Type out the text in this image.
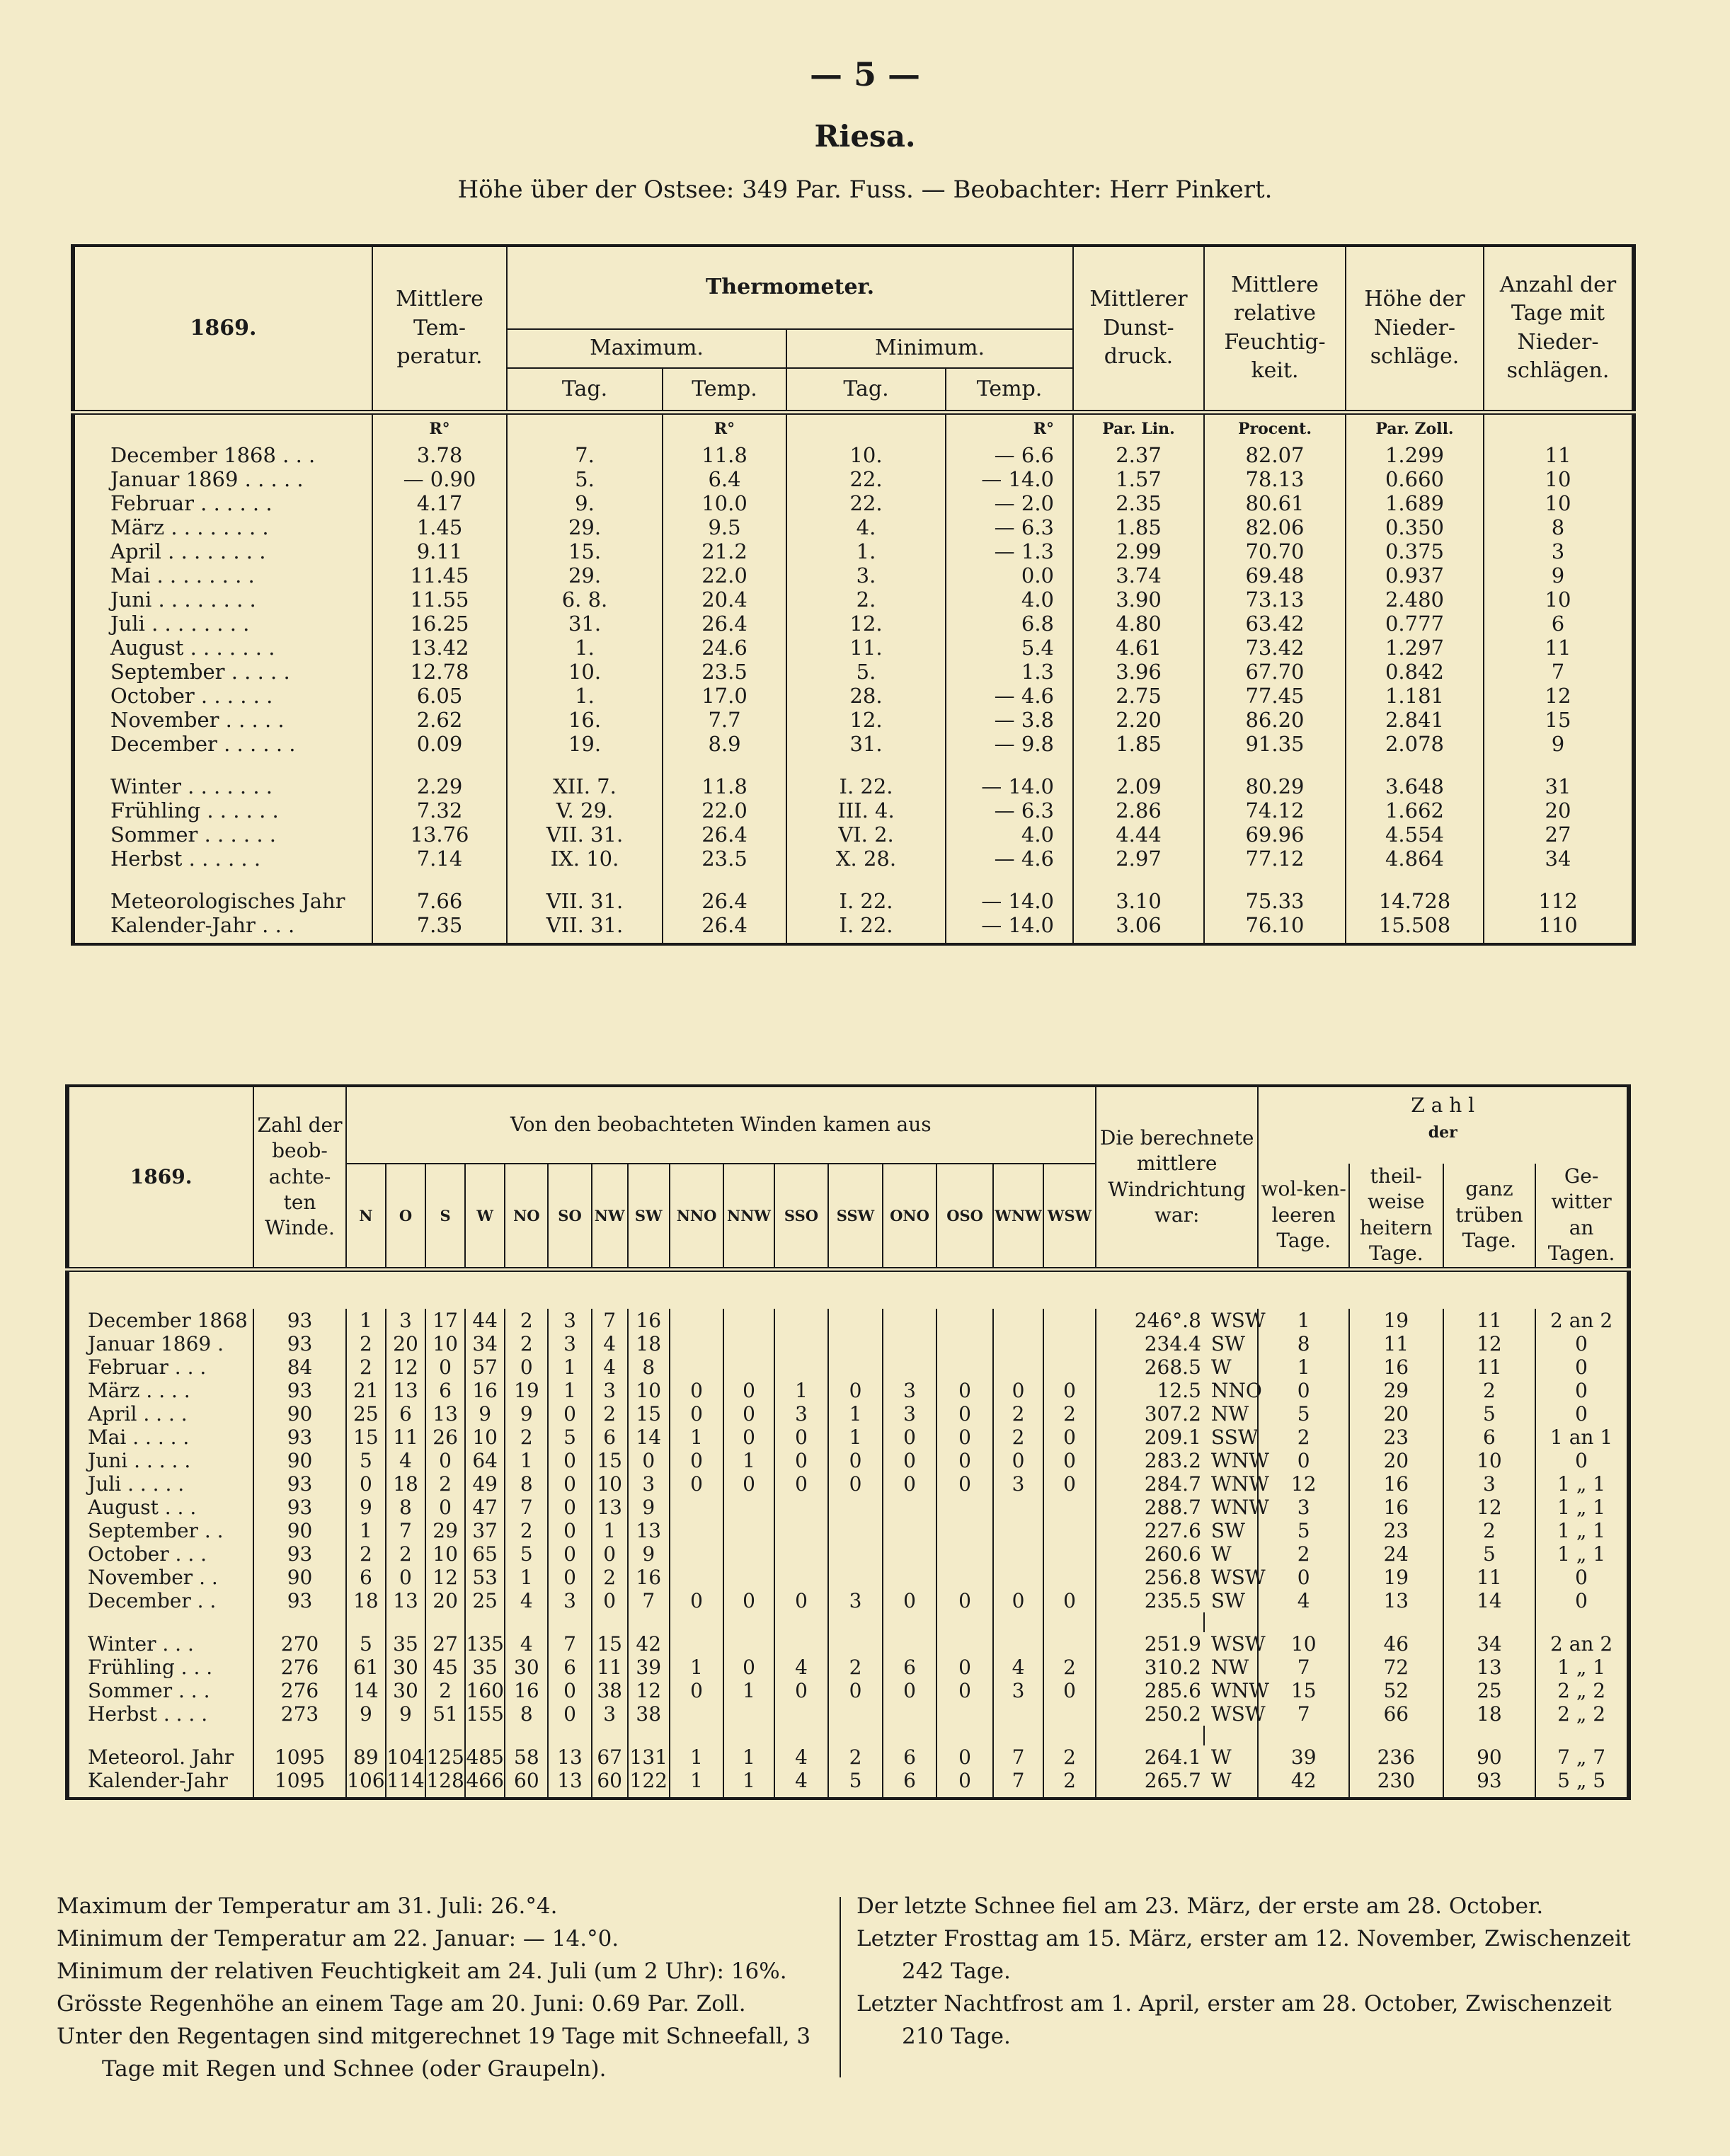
— 5 —
Riesa.
Höhe über der Ostsee: 349 Par. Fuss. — Beobachter: Herr Pinkert.
1869.	Mittlere Tem-peratur.	Thermometer.				Mittlerer Dunst-druck.	Mittlere relative Feuchtig-keit.	Höhe der Nieder-schläge.	Anzahl der Tage mit Nieder-schlägen.
		Maximum.		Minimum.					
		Tag.	Temp.	Tag.	Temp.				
	R°		R°		R°	Par. Lin.	Procent.	Par. Zoll.	
December 1868 . . .	3.78	7.	11.8	10.	— 6.6	2.37	82.07	1.299	11
Januar 1869 . . . . .	— 0.90	5.	6.4	22.	— 14.0	1.57	78.13	0.660	10
Februar . . . . . .	4.17	9.	10.0	22.	— 2.0	2.35	80.61	1.689	10
März . . . . . . . .	1.45	29.	9.5	4.	— 6.3	1.85	82.06	0.350	8
April . . . . . . . .	9.11	15.	21.2	1.	— 1.3	2.99	70.70	0.375	3
Mai . . . . . . . .	11.45	29.	22.0	3.	0.0	3.74	69.48	0.937	9
Juni . . . . . . . .	11.55	6. 8.	20.4	2.	4.0	3.90	73.13	2.480	10
Juli . . . . . . . .	16.25	31.	26.4	12.	6.8	4.80	63.42	0.777	6
August . . . . . . .	13.42	1.	24.6	11.	5.4	4.61	73.42	1.297	11
September . . . . .	12.78	10.	23.5	5.	1.3	3.96	67.70	0.842	7
October . . . . . .	6.05	1.	17.0	28.	— 4.6	2.75	77.45	1.181	12
November . . . . .	2.62	16.	7.7	12.	— 3.8	2.20	86.20	2.841	15
December . . . . . .	0.09	19.	8.9	31.	— 9.8	1.85	91.35	2.078	9

Winter . . . . . . .	2.29	XII. 7.	11.8	I. 22.	— 14.0	2.09	80.29	3.648	31
Frühling . . . . . .	7.32	V. 29.	22.0	III. 4.	— 6.3	2.86	74.12	1.662	20
Sommer . . . . . .	13.76	VII. 31.	26.4	VI. 2.	4.0	4.44	69.96	4.554	27
Herbst . . . . . .	7.14	IX. 10.	23.5	X. 28.	— 4.6	2.97	77.12	4.864	34

Meteorologisches Jahr	7.66	VII. 31.	26.4	I. 22.	— 14.0	3.10	75.33	14.728	112
Kalender-Jahr . . .	7.35	VII. 31.	26.4	I. 22.	— 14.0	3.06	76.10	15.508	110
1869.	Zahl der beob-achte-ten Winde.	Von den beobachteten Winden kamen aus																Die berechnete mittlere Windrichtung war:		Z a h l
der			
		N	O	S	W	NO	SO	NW	SW	NNO	NNW	SSO	SSW	ONO	OSO	WNW	WSW			wol-ken-leeren Tage.	theil-weise heitern Tage.	ganz trüben Tage.	Ge-witter an Tagen.

December 1868	93	1	3	17	44	2	3	7	16									246°.8	WSW	1	19	11	2 an 2
Januar 1869 .	93	2	20	10	34	2	3	4	18									234.4	SW	8	11	12	0
Februar . . .	84	2	12	0	57	0	1	4	8									268.5	W	1	16	11	0
März . . . .	93	21	13	6	16	19	1	3	10	0	0	1	0	3	0	0	0	12.5	NNO	0	29	2	0
April . . . .	90	25	6	13	9	9	0	2	15	0	0	3	1	3	0	2	2	307.2	NW	5	20	5	0
Mai . . . . .	93	15	11	26	10	2	5	6	14	1	0	0	1	0	0	2	0	209.1	SSW	2	23	6	1 an 1
Juni . . . . .	90	5	4	0	64	1	0	15	0	0	1	0	0	0	0	0	0	283.2	WNW	0	20	10	0
Juli . . . . .	93	0	18	2	49	8	0	10	3	0	0	0	0	0	0	3	0	284.7	WNW	12	16	3	1 „ 1
August . . .	93	9	8	0	47	7	0	13	9									288.7	WNW	3	16	12	1 „ 1
September . .	90	1	7	29	37	2	0	1	13									227.6	SW	5	23	2	1 „ 1
October . . .	93	2	2	10	65	5	0	0	9									260.6	W	2	24	5	1 „ 1
November . .	90	6	0	12	53	1	0	2	16									256.8	WSW	0	19	11	0
December . .	93	18	13	20	25	4	3	0	7	0	0	0	3	0	0	0	0	235.5	SW	4	13	14	0

Winter . . .	270	5	35	27	135	4	7	15	42									251.9	WSW	10	46	34	2 an 2
Frühling . . .	276	61	30	45	35	30	6	11	39	1	0	4	2	6	0	4	2	310.2	NW	7	72	13	1 „ 1
Sommer . . .	276	14	30	2	160	16	0	38	12	0	1	0	0	0	0	3	0	285.6	WNW	15	52	25	2 „ 2
Herbst . . . .	273	9	9	51	155	8	0	3	38									250.2	WSW	7	66	18	2 „ 2

Meteorol. Jahr	1095	89	104	125	485	58	13	67	131	1	1	4	2	6	0	7	2	264.1	W	39	236	90	7 „ 7
Kalender-Jahr	1095	106	114	128	466	60	13	60	122	1	1	4	5	6	0	7	2	265.7	W	42	230	93	5 „ 5

Maximum der Temperatur am 31. Juli: 26.°4.

Minimum der Temperatur am 22. Januar: — 14.°0.

Minimum der relativen Feuchtigkeit am 24. Juli (um 2 Uhr): 16%.

Grösste Regenhöhe an einem Tage am 20. Juni: 0.69 Par. Zoll.

Unter den Regentagen sind mitgerechnet 19 Tage mit Schneefall, 3

Tage mit Regen und Schnee (oder Graupeln).

Der letzte Schnee fiel am 23. März, der erste am 28. October.

Letzter Frosttag am 15. März, erster am 12. November, Zwischenzeit

242 Tage.

Letzter Nachtfrost am 1. April, erster am 28. October, Zwischenzeit

210 Tage.
